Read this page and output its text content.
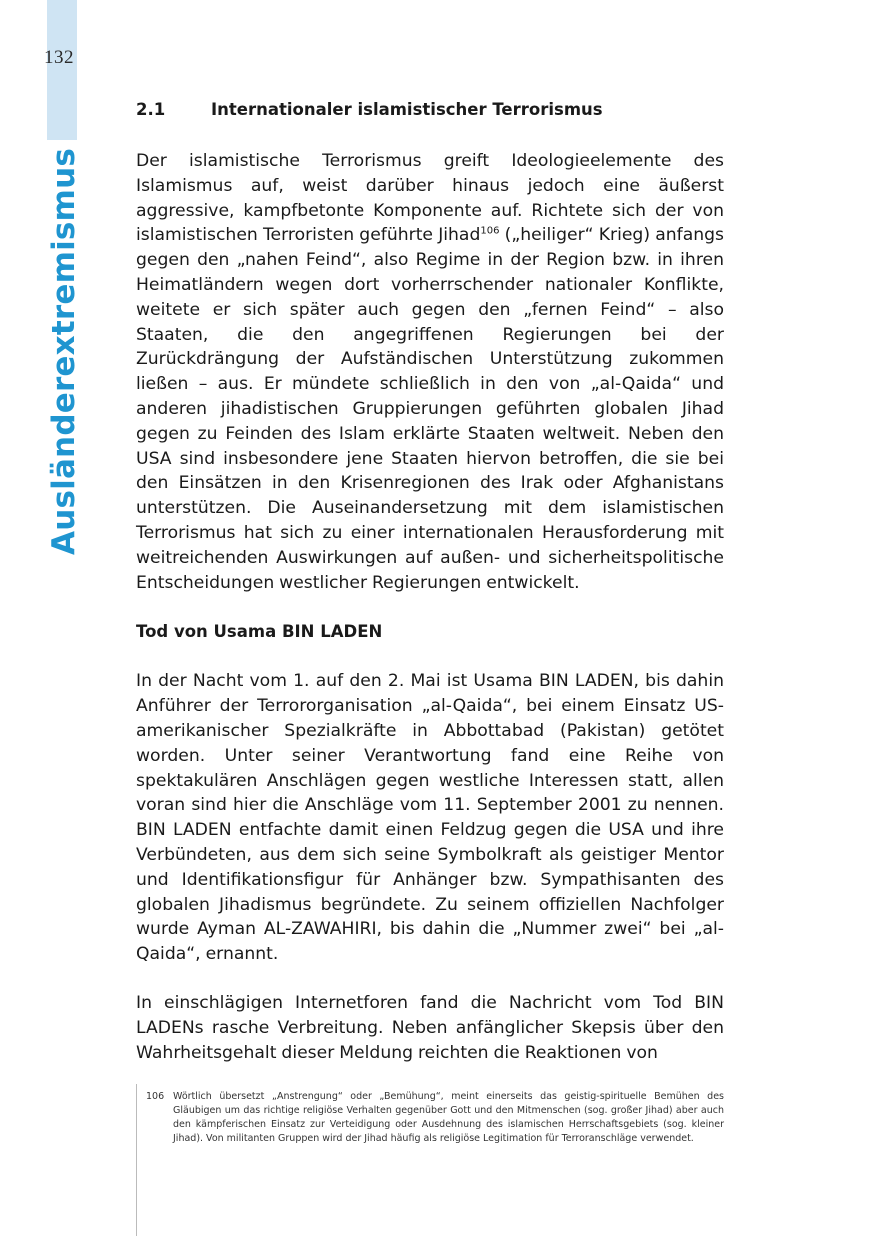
132
Ausländerextremismus
2.1	Internationaler islamistischer Terrorismus

Der islamistische Terrorismus greift Ideologieelemente des Islamismus auf, weist darüber hinaus jedoch eine äußerst aggressive, kampfbetonte Komponente auf. Richtete sich der von islamistischen Terroristen geführte Jihad$^{106}$ („heiliger“ Krieg) anfangs gegen den „nahen Feind“, also Regime in der Region bzw. in ihren Heimatländern wegen dort vorherrschender nationaler Konflikte, weitete er sich später auch gegen den „fernen Feind“ – also Staaten, die den angegriffenen Regierungen bei der Zurückdrängung der Aufständischen Unterstützung zukommen ließen – aus. Er mündete schließlich in den von „al-Qaida“ und anderen jihadistischen Gruppierungen geführten globalen Jihad gegen zu Feinden des Islam erklärte Staaten weltweit. Neben den USA sind insbesondere jene Staaten hiervon betroffen, die sie bei den Einsätzen in den Krisenregionen des Irak oder Afghanistans unterstützen. Die Auseinandersetzung mit dem islamistischen Terrorismus hat sich zu einer internationalen Herausforderung mit weitreichenden Auswirkungen auf außen- und sicherheitspolitische Entscheidungen westlicher Regierungen entwickelt.

Tod von Usama BIN LADEN

In der Nacht vom 1. auf den 2. Mai ist Usama BIN LADEN, bis dahin Anführer der Terrororganisation „al-Qaida“, bei einem Einsatz US-amerikanischer Spezialkräfte in Abbottabad (Pakistan) getötet worden. Unter seiner Verantwortung fand eine Reihe von spektakulären Anschlägen gegen westliche Interessen statt, allen voran sind hier die Anschläge vom 11. September 2001 zu nennen. BIN LADEN entfachte damit einen Feldzug gegen die USA und ihre Verbündeten, aus dem sich seine Symbolkraft als geistiger Mentor und Identifikationsfigur für Anhänger bzw. Sympathisanten des globalen Jihadismus begründete. Zu seinem offiziellen Nachfolger wurde Ayman AL-ZAWAHIRI, bis dahin die „Nummer zwei“ bei „al-Qaida“, ernannt.

In einschlägigen Internetforen fand die Nachricht vom Tod BIN LADENs rasche Verbreitung. Neben anfänglicher Skepsis über den Wahrheitsgehalt dieser Meldung reichten die Reaktionen von

106 Wörtlich übersetzt „Anstrengung“ oder „Bemühung“, meint einerseits das geistig-spirituelle Bemühen des Gläubigen um das richtige religiöse Verhalten gegenüber Gott und den Mitmenschen (sog. großer Jihad) aber auch den kämpferischen Einsatz zur Verteidigung oder Ausdehnung des islamischen Herrschaftsgebiets (sog. kleiner Jihad). Von militanten Gruppen wird der Jihad häufig als religiöse Legitimation für Terroranschläge verwendet.
